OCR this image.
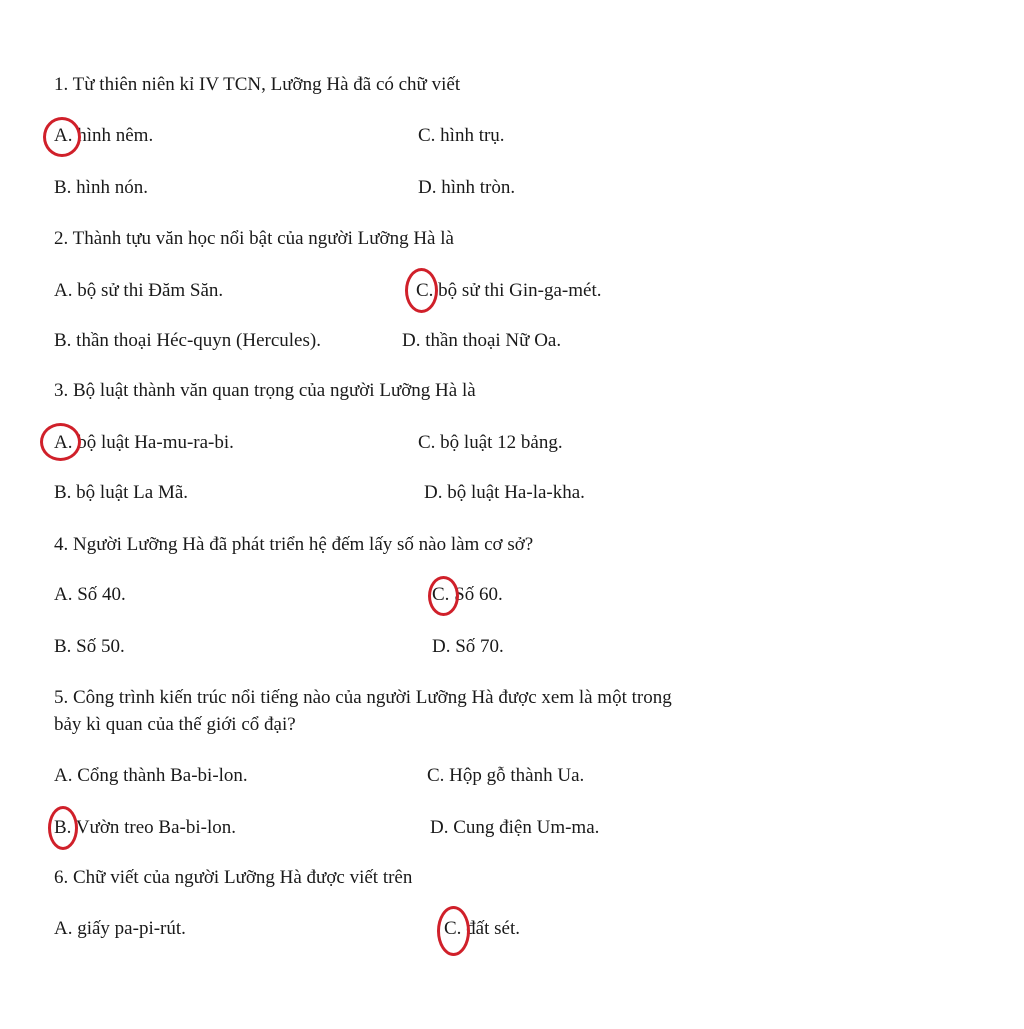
1. Từ thiên niên kỉ IV TCN, Lưỡng Hà đã có chữ viết
A. hình nêm.	C. hình trụ.
B. hình nón.	D. hình tròn.
2. Thành tựu văn học nổi bật của người Lưỡng Hà là
A. bộ sử thi Đăm Săn.	C. bộ sử thi Gin-ga-mét.
B. thần thoại Héc-quyn (Hercules).	D. thần thoại Nữ Oa.
3. Bộ luật thành văn quan trọng của người Lưỡng Hà là
A. bộ luật Ha-mu-ra-bi.	C. bộ luật 12 bảng.
B. bộ luật La Mã.	D. bộ luật Ha-la-kha.
4. Người Lưỡng Hà đã phát triển hệ đếm lấy số nào làm cơ sở?
A. Số 40.	C. Số 60.
B. Số 50.	D. Số 70.
5. Công trình kiến trúc nổi tiếng nào của người Lưỡng Hà được xem là một trong
bảy kì quan của thế giới cổ đại?
A. Cổng thành Ba-bi-lon.	C. Hộp gỗ thành Ua.
B. Vườn treo Ba-bi-lon.	D. Cung điện Um-ma.
6. Chữ viết của người Lưỡng Hà được viết trên
A. giấy pa-pi-rút.	C. đất sét.
